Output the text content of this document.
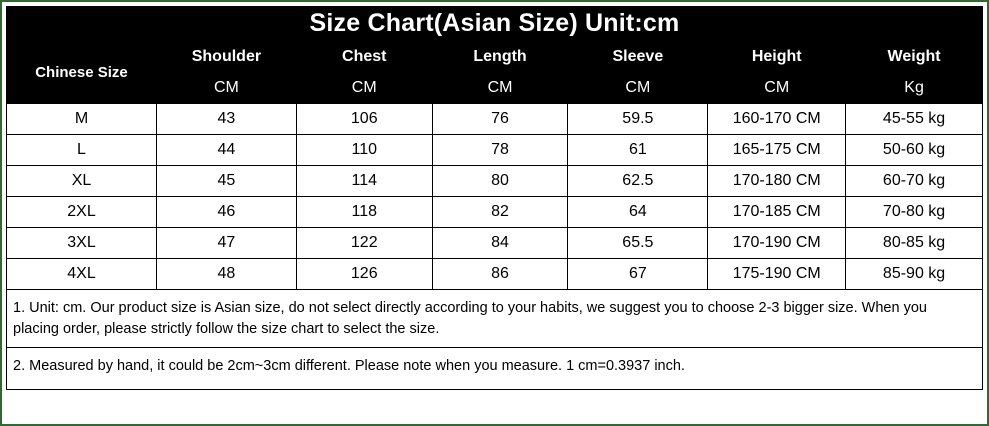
Size Chart(Asian Size) Unit:cm
Chinese Size	Shoulder	Chest	Length	Sleeve	Height	Weight
	CM	CM	CM	CM	CM	Kg
M	43	106	76	59.5	160-170 CM	45-55 kg
L	44	110	78	61	165-175 CM	50-60 kg
XL	45	114	80	62.5	170-180 CM	60-70 kg
2XL	46	118	82	64	170-185 CM	70-80 kg
3XL	47	122	84	65.5	170-190 CM	80-85 kg
4XL	48	126	86	67	175-190 CM	85-90 kg
1. Unit: cm. Our product size is Asian size, do not select directly according to your habits, we suggest you to choose 2-3 bigger size. When you placing order, please strictly follow the size chart to select the size.
2. Measured by hand, it could be 2cm~3cm different. Please note when you measure. 1 cm=0.3937 inch.
